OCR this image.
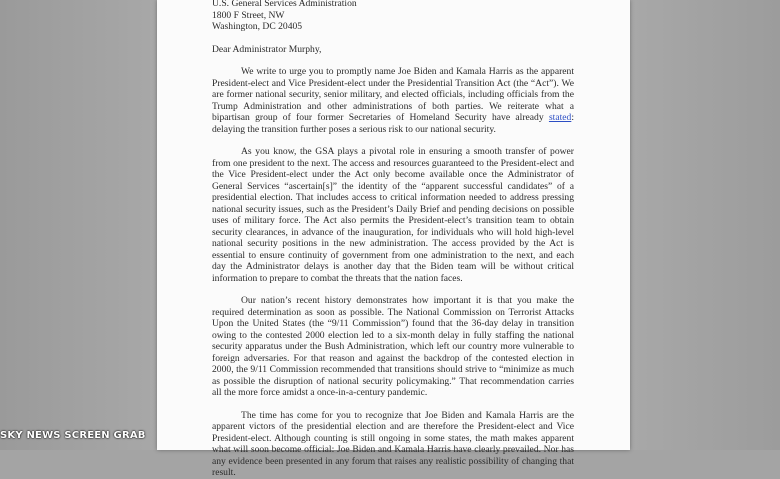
U.S. General Services Administration
1800 F Street, NW
Washington, DC 20405
Dear Administrator Murphy,

We write to urge you to promptly name Joe Biden and Kamala Harris as the apparent President-elect and Vice President-elect under the Presidential Transition Act (the “Act”). We are former national security, senior military, and elected officials, including officials from the Trump Administration and other administrations of both parties. We reiterate what a bipartisan group of four former Secretaries of Homeland Security have already stated: delaying the transition further poses a serious risk to our national security.

As you know, the GSA plays a pivotal role in ensuring a smooth transfer of power from one president to the next. The access and resources guaranteed to the President-elect and the Vice President-elect under the Act only become available once the Administrator of General Services “ascertain[s]” the identity of the “apparent successful candidates” of a presidential election. That includes access to critical information needed to address pressing national security issues, such as the President’s Daily Brief and pending decisions on possible uses of military force. The Act also permits the President-elect’s transition team to obtain security clearances, in advance of the inauguration, for individuals who will hold high-level national security positions in the new administration. The access provided by the Act is essential to ensure continuity of government from one administration to the next, and each day the Administrator delays is another day that the Biden team will be without critical information to prepare to combat the threats that the nation faces.

Our nation’s recent history demonstrates how important it is that you make the required determination as soon as possible. The National Commission on Terrorist Attacks Upon the United States (the “9/11 Commission”) found that the 36-day delay in transition owing to the contested 2000 election led to a six-month delay in fully staffing the national security apparatus under the Bush Administration, which left our country more vulnerable to foreign adversaries. For that reason and against the backdrop of the contested election in 2000, the 9/11 Commission recommended that transitions should strive to “minimize as much as possible the disruption of national security policymaking.” That recommendation carries all the more force amidst a once-in-a-century pandemic.

The time has come for you to recognize that Joe Biden and Kamala Harris are the apparent victors of the presidential election and are therefore the President-elect and Vice President-elect. Although counting is still ongoing in some states, the math makes apparent what will soon become official: Joe Biden and Kamala Harris have clearly prevailed. Nor has any evidence been presented in any forum that raises any realistic possibility of changing that result.

SKY NEWS SCREEN GRAB
